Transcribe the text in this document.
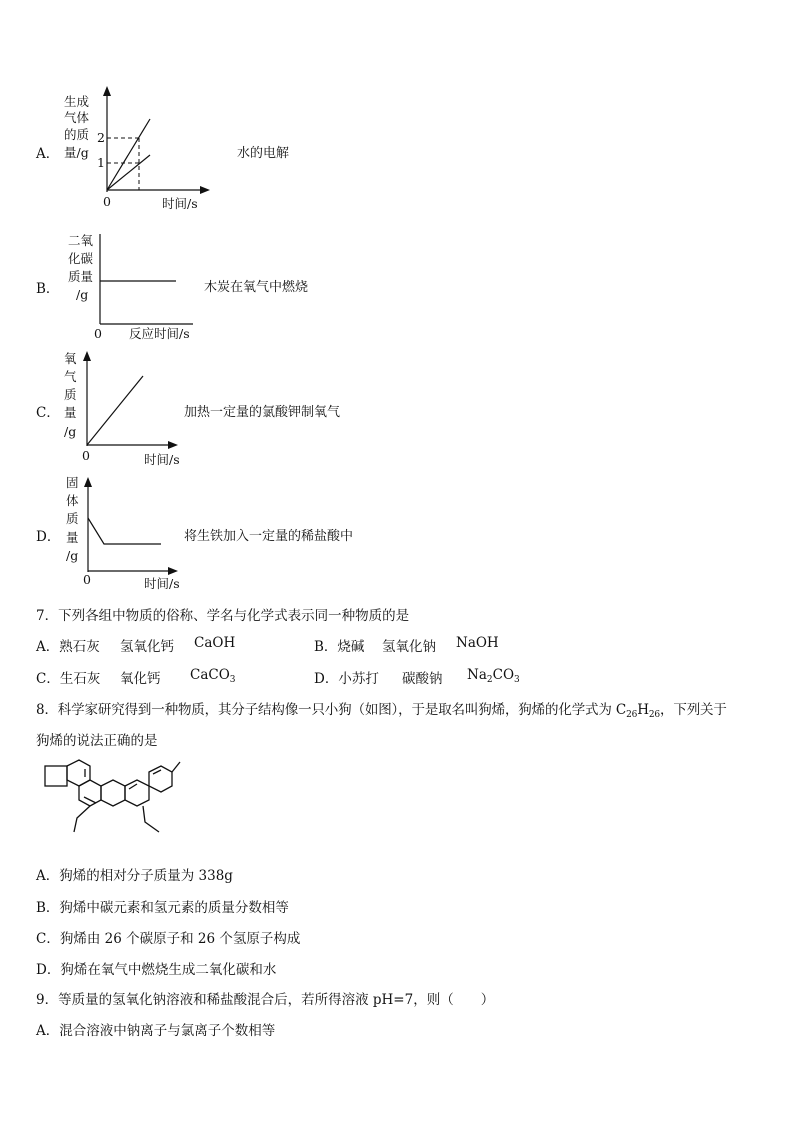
A．
生成
气体
的质
量/g
2
1
0	时间/s
二氧
化碳
质量
/g
0 反应时间/s
氧
气
质
量
/g
0	时间/s
固
体
质
量
/g
0	时间/s
水的电解
B．	木炭在氧气中燃烧
C．	加热一定量的氯酸钾制氧气
D．	将生铁加入一定量的稀盐酸中
7．下列各组中物质的俗称、学名与化学式表示同一种物质的是
A．熟石灰 氢氧化钙 CaOH	B．烧碱 氢氧化钠 NaOH
C．生石灰 氧化钙 CaCO$_3$	D．小苏打 碳酸钠 $Na_2CO_3$
8．科学家研究得到一种物质，其分子结构像一只小狗（如图），于是取名叫狗烯，狗烯的化学式为 $C_{26}H_{26}$，下列关于
狗烯的说法正确的是
A．狗烯的相对分子质量为 338g
B．狗烯中碳元素和氢元素的质量分数相等
C．狗烯由 26 个碳原子和 26 个氢原子构成
D．狗烯在氧气中燃烧生成二氧化碳和水
9．等质量的氢氧化钠溶液和稀盐酸混合后，若所得溶液 pH=7，则（　　）
A．混合溶液中钠离子与氯离子个数相等
